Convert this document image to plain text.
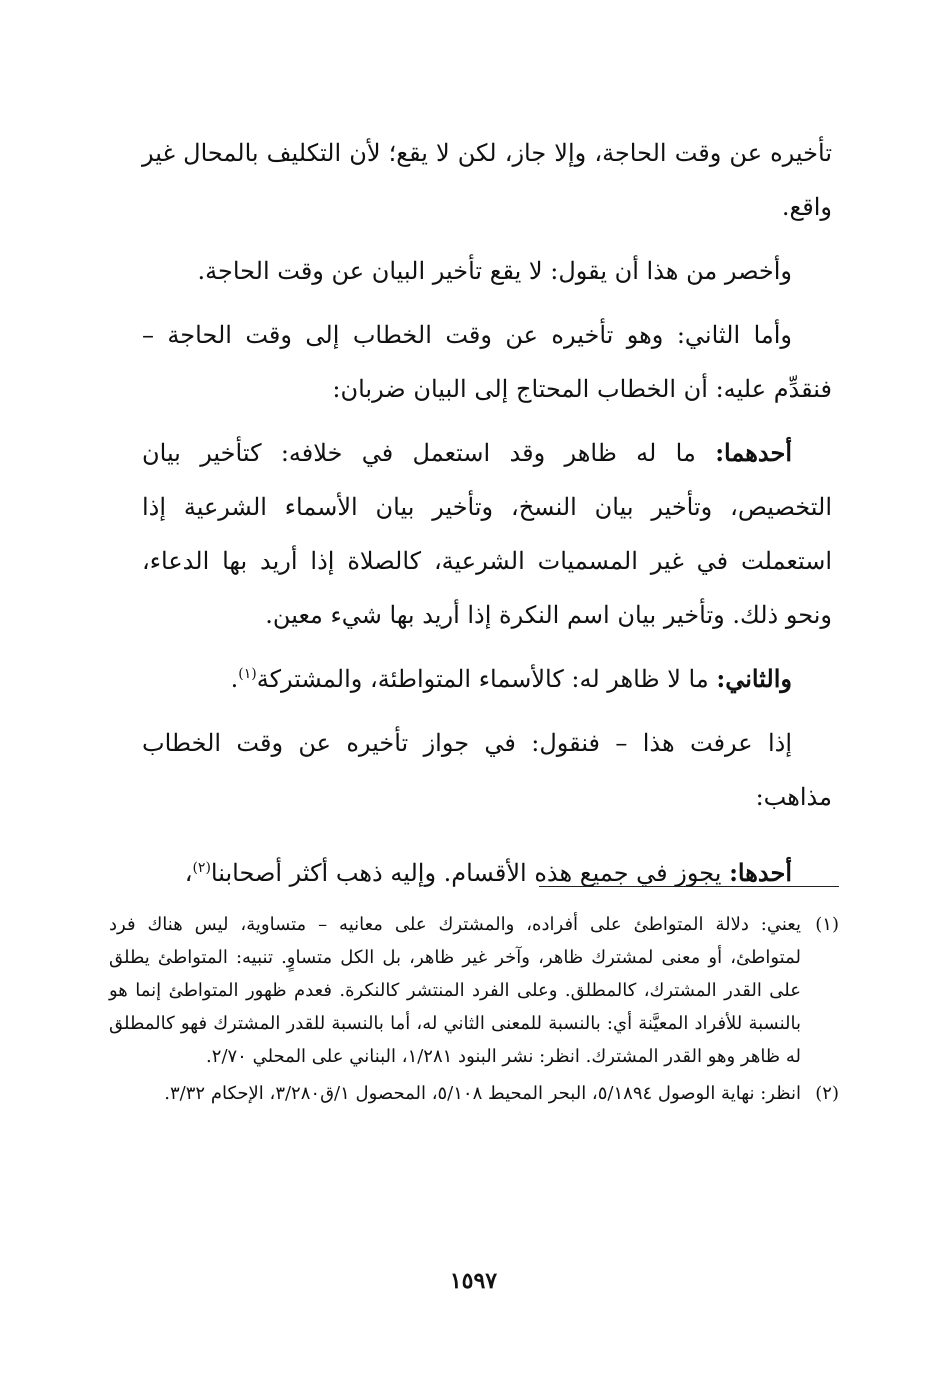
تأخيره عن وقت الحاجة، وإلا جاز، لكن لا يقع؛ لأن التكليف بالمحال غير واقع.

وأخصر من هذا أن يقول: لا يقع تأخير البيان عن وقت الحاجة.

وأما الثاني: وهو تأخيره عن وقت الخطاب إلى وقت الحاجة – فنقدِّم عليه: أن الخطاب المحتاج إلى البيان ضربان:

أحدهما: ما له ظاهر وقد استعمل في خلافه: كتأخير بيان التخصيص، وتأخير بيان النسخ، وتأخير بيان الأسماء الشرعية إذا استعملت في غير المسميات الشرعية، كالصلاة إذا أريد بها الدعاء، ونحو ذلك. وتأخير بيان اسم النكرة إذا أريد بها شيء معين.

والثاني: ما لا ظاهر له: كالأسماء المتواطئة، والمشتركة$^{(١)}$.

إذا عرفت هذا – فنقول: في جواز تأخيره عن وقت الخطاب مذاهب:

أحدها: يجوز في جميع هذه الأقسام. وإليه ذهب أكثر أصحابنا$^{(٢)}$،

(١)
يعني: دلالة المتواطئ على أفراده، والمشترك على معانيه – متساوية، ليس هناك فرد لمتواطئ، أو معنى لمشترك ظاهر، وآخر غير ظاهر، بل الكل متساوٍ. تنبيه: المتواطئ يطلق على القدر المشترك، كالمطلق. وعلى الفرد المنتشر كالنكرة. فعدم ظهور المتواطئ إنما هو بالنسبة للأفراد المعيَّنة أي: بالنسبة للمعنى الثاني له، أما بالنسبة للقدر المشترك فهو كالمطلق له ظاهر وهو القدر المشترك. انظر: نشر البنود ١/٢٨١، البناني على المحلي ٢/٧٠.
(٢)
انظر: نهاية الوصول ٥/١٨٩٤، البحر المحيط ٥/١٠٨، المحصول ١/ق٣/٢٨٠، الإحكام ٣/٣٢.
١٥٩٧
